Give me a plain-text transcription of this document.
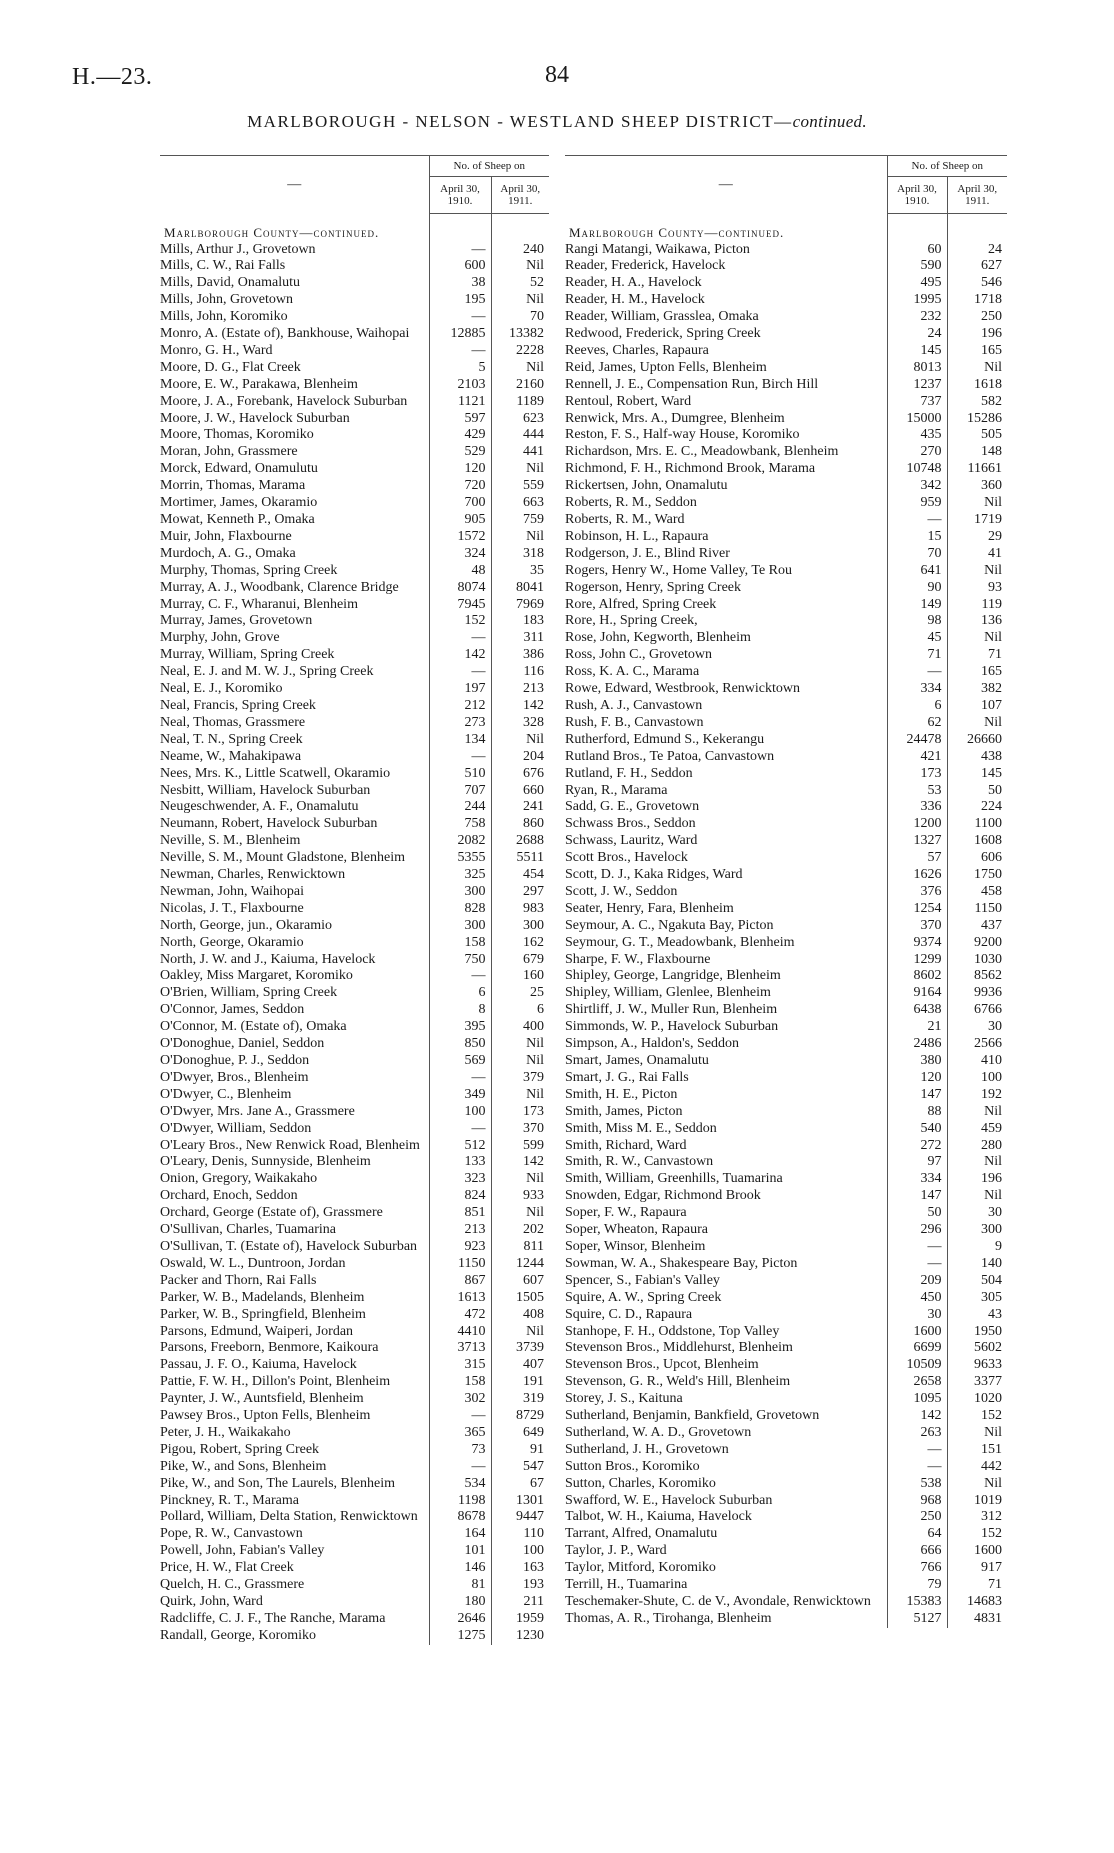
H.—23.	84
MARLBOROUGH - NELSON - WESTLAND SHEEP DISTRICT—continued.
—	No. of Sheep on	
	April 30, 1910.	April 30, 1911.
Marlborough County—continued.		
Mills, Arthur J., Grovetown	—	240
Mills, C. W., Rai Falls	600	Nil
Mills, David, Onamalutu	38	52
Mills, John, Grovetown	195	Nil
Mills, John, Koromiko	—	70
Monro, A. (Estate of), Bankhouse, Waihopai	12885	13382
Monro, G. H., Ward	—	2228
Moore, D. G., Flat Creek	5	Nil
Moore, E. W., Parakawa, Blenheim	2103	2160
Moore, J. A., Forebank, Havelock Suburban	1121	1189
Moore, J. W., Havelock Suburban	597	623
Moore, Thomas, Koromiko	429	444
Moran, John, Grassmere	529	441
Morck, Edward, Onamulutu	120	Nil
Morrin, Thomas, Marama	720	559
Mortimer, James, Okaramio	700	663
Mowat, Kenneth P., Omaka	905	759
Muir, John, Flaxbourne	1572	Nil
Murdoch, A. G., Omaka	324	318
Murphy, Thomas, Spring Creek	48	35
Murray, A. J., Woodbank, Clarence Bridge	8074	8041
Murray, C. F., Wharanui, Blenheim	7945	7969
Murray, James, Grovetown	152	183
Murphy, John, Grove	—	311
Murray, William, Spring Creek	142	386
Neal, E. J. and M. W. J., Spring Creek	—	116
Neal, E. J., Koromiko	197	213
Neal, Francis, Spring Creek	212	142
Neal, Thomas, Grassmere	273	328
Neal, T. N., Spring Creek	134	Nil
Neame, W., Mahakipawa	—	204
Nees, Mrs. K., Little Scatwell, Okaramio	510	676
Nesbitt, William, Havelock Suburban	707	660
Neugeschwender, A. F., Onamalutu	244	241
Neumann, Robert, Havelock Suburban	758	860
Neville, S. M., Blenheim	2082	2688
Neville, S. M., Mount Gladstone, Blenheim	5355	5511
Newman, Charles, Renwicktown	325	454
Newman, John, Waihopai	300	297
Nicolas, J. T., Flaxbourne	828	983
North, George, jun., Okaramio	300	300
North, George, Okaramio	158	162
North, J. W. and J., Kaiuma, Havelock	750	679
Oakley, Miss Margaret, Koromiko	—	160
O'Brien, William, Spring Creek	6	25
O'Connor, James, Seddon	8	6
O'Connor, M. (Estate of), Omaka	395	400
O'Donoghue, Daniel, Seddon	850	Nil
O'Donoghue, P. J., Seddon	569	Nil
O'Dwyer, Bros., Blenheim	—	379
O'Dwyer, C., Blenheim	349	Nil
O'Dwyer, Mrs. Jane A., Grassmere	100	173
O'Dwyer, William, Seddon	—	370
O'Leary Bros., New Renwick Road, Blenheim	512	599
O'Leary, Denis, Sunnyside, Blenheim	133	142
Onion, Gregory, Waikakaho	323	Nil
Orchard, Enoch, Seddon	824	933
Orchard, George (Estate of), Grassmere	851	Nil
O'Sullivan, Charles, Tuamarina	213	202
O'Sullivan, T. (Estate of), Havelock Suburban	923	811
Oswald, W. L., Duntroon, Jordan	1150	1244
Packer and Thorn, Rai Falls	867	607
Parker, W. B., Madelands, Blenheim	1613	1505
Parker, W. B., Springfield, Blenheim	472	408
Parsons, Edmund, Waiperi, Jordan	4410	Nil
Parsons, Freeborn, Benmore, Kaikoura	3713	3739
Passau, J. F. O., Kaiuma, Havelock	315	407
Pattie, F. W. H., Dillon's Point, Blenheim	158	191
Paynter, J. W., Auntsfield, Blenheim	302	319
Pawsey Bros., Upton Fells, Blenheim	—	8729
Peter, J. H., Waikakaho	365	649
Pigou, Robert, Spring Creek	73	91
Pike, W., and Sons, Blenheim	—	547
Pike, W., and Son, The Laurels, Blenheim	534	67
Pinckney, R. T., Marama	1198	1301
Pollard, William, Delta Station, Renwicktown	8678	9447
Pope, R. W., Canvastown	164	110
Powell, John, Fabian's Valley	101	100
Price, H. W., Flat Creek	146	163
Quelch, H. C., Grassmere	81	193
Quirk, John, Ward	180	211
Radcliffe, C. J. F., The Ranche, Marama	2646	1959
Randall, George, Koromiko	1275	1230
—	No. of Sheep on	
	April 30, 1910.	April 30, 1911.
Marlborough County—continued.		
Rangi Matangi, Waikawa, Picton	60	24
Reader, Frederick, Havelock	590	627
Reader, H. A., Havelock	495	546
Reader, H. M., Havelock	1995	1718
Reader, William, Grasslea, Omaka	232	250
Redwood, Frederick, Spring Creek	24	196
Reeves, Charles, Rapaura	145	165
Reid, James, Upton Fells, Blenheim	8013	Nil
Rennell, J. E., Compensation Run, Birch Hill	1237	1618
Rentoul, Robert, Ward	737	582
Renwick, Mrs. A., Dumgree, Blenheim	15000	15286
Reston, F. S., Half-way House, Koromiko	435	505
Richardson, Mrs. E. C., Meadowbank, Blenheim	270	148
Richmond, F. H., Richmond Brook, Marama	10748	11661
Rickertsen, John, Onamalutu	342	360
Roberts, R. M., Seddon	959	Nil
Roberts, R. M., Ward	—	1719
Robinson, H. L., Rapaura	15	29
Rodgerson, J. E., Blind River	70	41
Rogers, Henry W., Home Valley, Te Rou	641	Nil
Rogerson, Henry, Spring Creek	90	93
Rore, Alfred, Spring Creek	149	119
Rore, H., Spring Creek,	98	136
Rose, John, Kegworth, Blenheim	45	Nil
Ross, John C., Grovetown	71	71
Ross, K. A. C., Marama	—	165
Rowe, Edward, Westbrook, Renwicktown	334	382
Rush, A. J., Canvastown	6	107
Rush, F. B., Canvastown	62	Nil
Rutherford, Edmund S., Kekerangu	24478	26660
Rutland Bros., Te Patoa, Canvastown	421	438
Rutland, F. H., Seddon	173	145
Ryan, R., Marama	53	50
Sadd, G. E., Grovetown	336	224
Schwass Bros., Seddon	1200	1100
Schwass, Lauritz, Ward	1327	1608
Scott Bros., Havelock	57	606
Scott, D. J., Kaka Ridges, Ward	1626	1750
Scott, J. W., Seddon	376	458
Seater, Henry, Fara, Blenheim	1254	1150
Seymour, A. C., Ngakuta Bay, Picton	370	437
Seymour, G. T., Meadowbank, Blenheim	9374	9200
Sharpe, F. W., Flaxbourne	1299	1030
Shipley, George, Langridge, Blenheim	8602	8562
Shipley, William, Glenlee, Blenheim	9164	9936
Shirtliff, J. W., Muller Run, Blenheim	6438	6766
Simmonds, W. P., Havelock Suburban	21	30
Simpson, A., Haldon's, Seddon	2486	2566
Smart, James, Onamalutu	380	410
Smart, J. G., Rai Falls	120	100
Smith, H. E., Picton	147	192
Smith, James, Picton	88	Nil
Smith, Miss M. E., Seddon	540	459
Smith, Richard, Ward	272	280
Smith, R. W., Canvastown	97	Nil
Smith, William, Greenhills, Tuamarina	334	196
Snowden, Edgar, Richmond Brook	147	Nil
Soper, F. W., Rapaura	50	30
Soper, Wheaton, Rapaura	296	300
Soper, Winsor, Blenheim	—	9
Sowman, W. A., Shakespeare Bay, Picton	—	140
Spencer, S., Fabian's Valley	209	504
Squire, A. W., Spring Creek	450	305
Squire, C. D., Rapaura	30	43
Stanhope, F. H., Oddstone, Top Valley	1600	1950
Stevenson Bros., Middlehurst, Blenheim	6699	5602
Stevenson Bros., Upcot, Blenheim	10509	9633
Stevenson, G. R., Weld's Hill, Blenheim	2658	3377
Storey, J. S., Kaituna	1095	1020
Sutherland, Benjamin, Bankfield, Grovetown	142	152
Sutherland, W. A. D., Grovetown	263	Nil
Sutherland, J. H., Grovetown	—	151
Sutton Bros., Koromiko	—	442
Sutton, Charles, Koromiko	538	Nil
Swafford, W. E., Havelock Suburban	968	1019
Talbot, W. H., Kaiuma, Havelock	250	312
Tarrant, Alfred, Onamalutu	64	152
Taylor, J. P., Ward	666	1600
Taylor, Mitford, Koromiko	766	917
Terrill, H., Tuamarina	79	71
Teschemaker-Shute, C. de V., Avondale, Renwicktown	15383	14683
Thomas, A. R., Tirohanga, Blenheim	5127	4831
